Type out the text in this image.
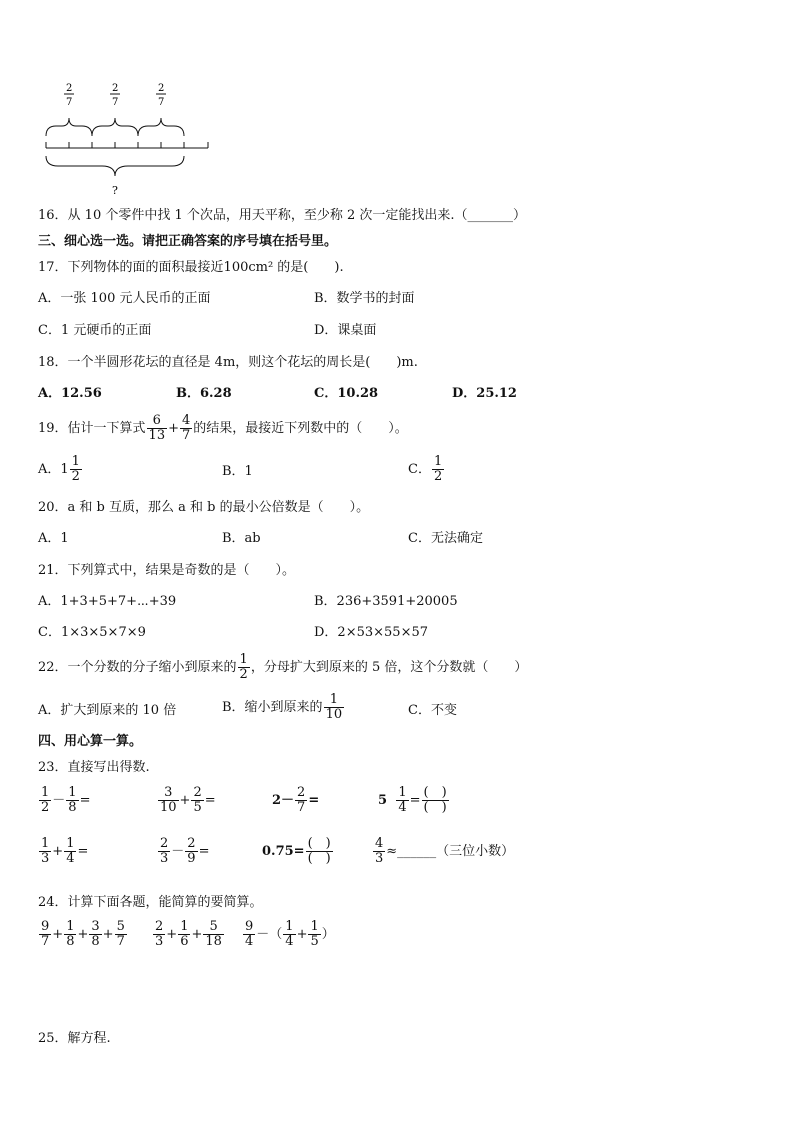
2
7
2
7
2
7
?
16．从 10 个零件中找 1 个次品，用天平称，至少称 2 次一定能找出来.（_______）
三、细心选一选。请把正确答案的序号填在括号里。
17．下列物体的面的面积最接近100cm² 的是(　　).
A．一张 100 元人民币的正面	B．数学书的封面
C．1 元硬币的正面	D．课桌面
18．一个半圆形花坛的直径是 4m，则这个花坛的周长是(　　)m.
A．12.56	B．6.28	C．10.28	D．25.12
19．估计一下算式 $\frac{6}{13} + \frac{4}{7}$ 的结果，最接近下列数中的（　　）。
A．$1 \frac{1}{2}$	B．1	C． $\frac{1}{2}$
20．a 和 b 互质，那么 a 和 b 的最小公倍数是（　　）。
A．1	B．ab	C．无法确定
21．下列算式中，结果是奇数的是（　　）。
A．1+3+5+7+⋯+39	B．236+3591+20005
C．1×3×5×7×9	D．2×53×55×57
22．一个分数的分子缩小到原来的 $\frac{1}{2}$ ，分母扩大到原来的 5 倍，这个分数就（　　）
A．扩大到原来的 10 倍	B．缩小到原来的 $\frac{1}{10}$	C．不变
四、用心算一算。
23．直接写出得数.
$\frac{1}{2} - \frac{1}{8}$ =	$\frac{3}{10} + \frac{2}{5}$ =	$2- \frac{2}{7}$ =	$5 \frac{1}{4} = \frac{( )}{( )}$
$\frac{1}{3} + \frac{1}{4}$ =	$\frac{2}{3} - \frac{2}{9}$ =	$0.75= \frac{( )}{( )}$	$\frac{4}{3}$ ≈______（三位小数）
24．计算下面各题，能简算的要简算。
$\frac{9}{7} + \frac{1}{8} + \frac{3}{8} + \frac{5}{7} \frac{2}{3} + \frac{1}{6} + \frac{5}{18} \frac{9}{4}$ －（ $\frac{1}{4} + \frac{1}{5}$ ）
25．解方程.
